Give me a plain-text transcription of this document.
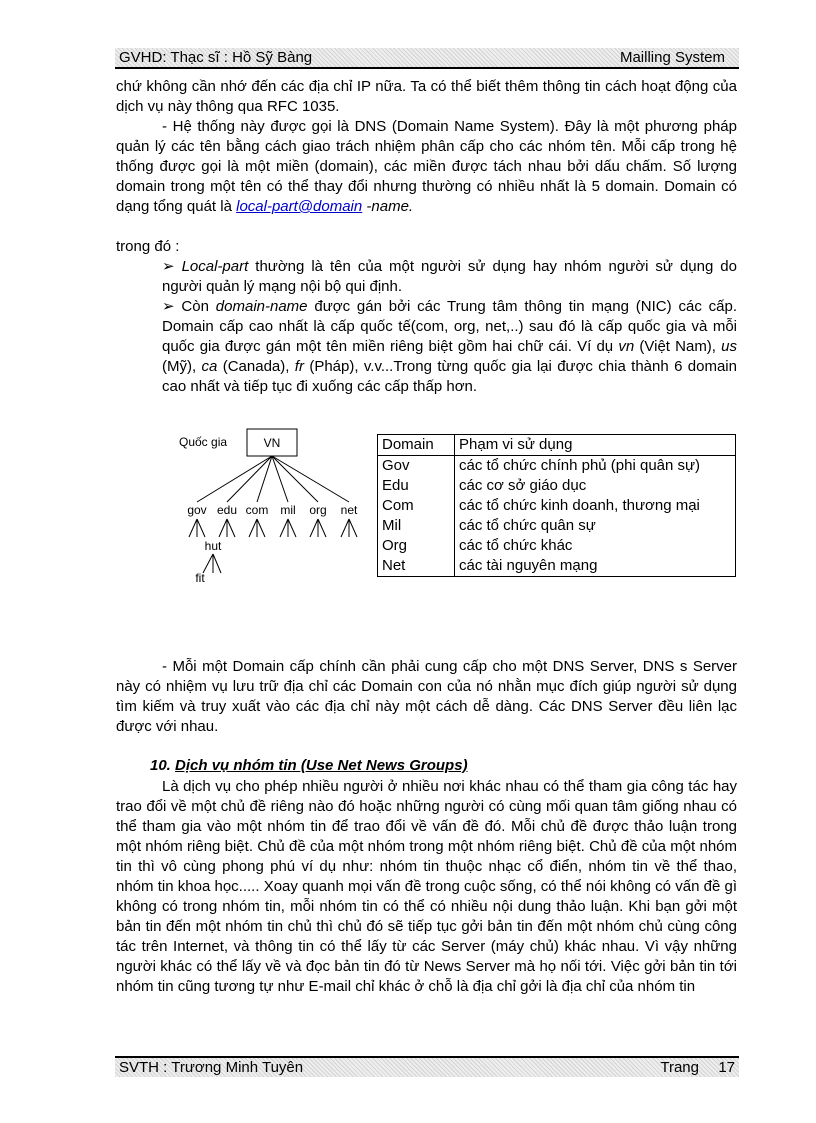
GVHD: Thạc sĩ : Hồ Sỹ Bàng	Mailling System

chứ không cần nhớ đến các địa chỉ IP nữa. Ta có thể biết thêm thông tin cách hoạt động của dịch vụ này thông qua RFC 1035.

- Hệ thống này được gọi là DNS (Domain Name System). Đây là một phương pháp quản lý các tên bằng cách giao trách nhiệm phân cấp cho các nhóm tên. Mỗi cấp trong hệ thống được gọi là một miền (domain), các miền được tách nhau bởi dấu chấm. Số lượng domain trong một tên có thể thay đổi nhưng thường có nhiều nhất là 5 domain. Domain có dạng tổng quát là local-part@domain -name.

trong đó :

➢ Local-part thường là tên của một người sử dụng hay nhóm người sử dụng do người quản lý mạng nội bộ qui định.

➢ Còn domain-name được gán bởi các Trung tâm thông tin mạng (NIC) các cấp. Domain cấp cao nhất là cấp quốc tế(com, org, net,..) sau đó là cấp quốc gia và mỗi quốc gia được gán một tên miền riêng biệt gồm hai chữ cái. Ví dụ vn (Việt Nam), us (Mỹ), ca (Canada), fr (Pháp), v.v...Trong từng quốc gia lại được chia thành 6 domain cao nhất và tiếp tục đi xuống các cấp thấp hơn.

Quốc gia	VN
gov edu com mil org net
hut
fit
Domain	Phạm vi sử dụng
Gov	các tổ chức chính phủ (phi quân sự)
Edu	các cơ sở giáo dục
Com	các tổ chức kinh doanh, thương mại
Mil	các tổ chức quân sự
Org	các tổ chức khác
Net	các tài nguyên mạng

- Mỗi một Domain cấp chính cần phải cung cấp cho một DNS Server, DNS s Server này có nhiệm vụ lưu trữ địa chỉ các Domain con của nó nhằn mục đích giúp người sử dụng tìm kiếm và truy xuất vào các địa chỉ này một cách dễ dàng. Các DNS Server đều liên lạc được với nhau.

10. Dịch vụ nhóm tin (Use Net News Groups)

Là dịch vụ cho phép nhiều người ở nhiều nơi khác nhau có thể tham gia công tác hay trao đổi về một chủ đề riêng nào đó hoặc những người có cùng mối quan tâm giống nhau có thể tham gia vào một nhóm tin để trao đổi về vấn đề đó. Mỗi chủ đề được thảo luận trong một nhóm riêng biệt. Chủ đề của một nhóm trong một nhóm riêng biệt. Chủ đề của một nhóm tin thì vô cùng phong phú ví dụ như: nhóm tin thuộc nhạc cổ điển, nhóm tin về thể thao, nhóm tin khoa học..... Xoay quanh mọi vấn đề trong cuộc sống, có thể nói không có vấn đề gì không có trong nhóm tin, mỗi nhóm tin có thể có nhiều nội dung thảo luận. Khi bạn gởi một bản tin đến một nhóm tin chủ thì chủ đó sẽ tiếp tục gởi bản tin đến một nhóm chủ cùng công tác trên Internet, và thông tin có thể lấy từ các Server (máy chủ) khác nhau. Vì vậy những người khác có thể lấy về và đọc bản tin đó từ News Server mà họ nối tới. Việc gởi bản tin tới nhóm tin cũng tương tự như E-mail chỉ khác ở chỗ là địa chỉ gởi là địa chỉ của nhóm tin

SVTH : Trương Minh Tuyên	Trang 17
